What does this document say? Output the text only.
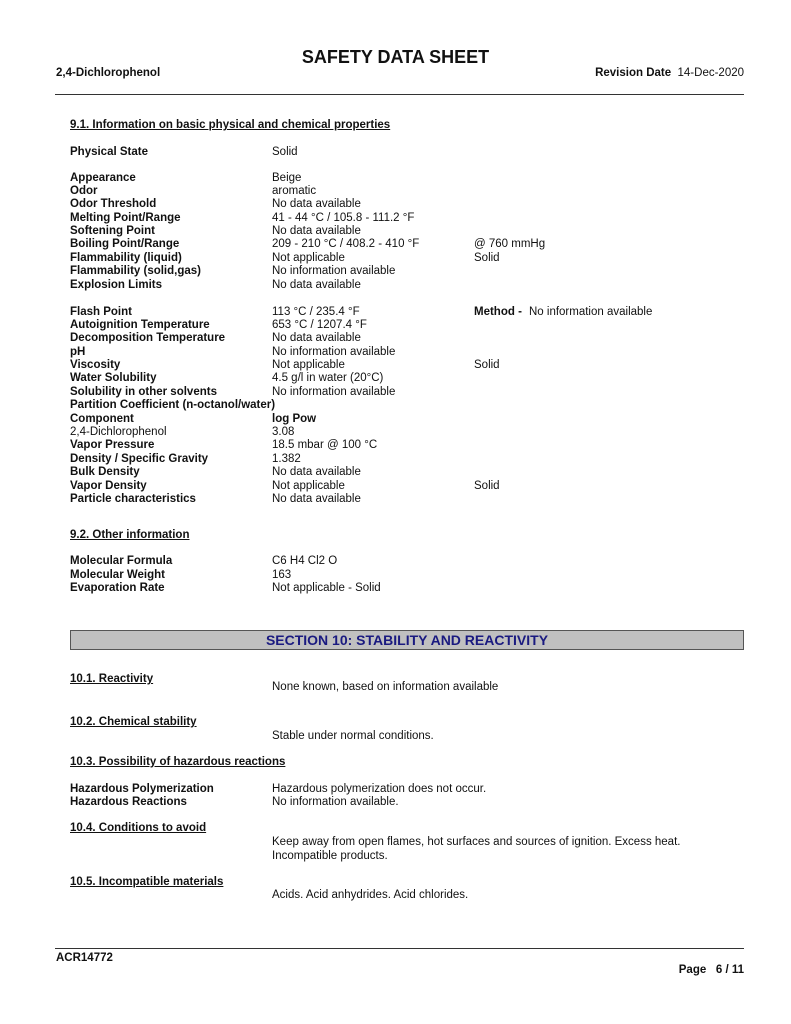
SAFETY DATA SHEET
2,4-Dichlorophenol	Revision Date 14-Dec-2020
9.1. Information on basic physical and chemical properties
Physical State	Solid
Appearance	Beige
Odor	aromatic
Odor Threshold	No data available
Melting Point/Range	41 - 44 °C / 105.8 - 111.2 °F
Softening Point	No data available
Boiling Point/Range	209 - 210 °C / 408.2 - 410 °F	@ 760 mmHg
Flammability (liquid)	Not applicable	Solid
Flammability (solid,gas)	No information available
Explosion Limits	No data available
Flash Point	113 °C / 235.4 °F	Method - No information available
Autoignition Temperature	653 °C / 1207.4 °F
Decomposition Temperature	No data available
pH	No information available
Viscosity	Not applicable	Solid
Water Solubility	4.5 g/l in water (20°C)
Solubility in other solvents	No information available
Partition Coefficient (n-octanol/water)
Component	log Pow
2,4-Dichlorophenol	3.08
Vapor Pressure	18.5 mbar @ 100 °C
Density / Specific Gravity	1.382
Bulk Density	No data available
Vapor Density	Not applicable	Solid
Particle characteristics	No data available
9.2. Other information
Molecular Formula	C6 H4 Cl2 O
Molecular Weight	163
Evaporation Rate	Not applicable - Solid
SECTION 10: STABILITY AND REACTIVITY
10.1. Reactivity
None known, based on information available
10.2. Chemical stability
Stable under normal conditions.
10.3. Possibility of hazardous reactions
Hazardous Polymerization	Hazardous polymerization does not occur.
Hazardous Reactions	No information available.
10.4. Conditions to avoid
Keep away from open flames, hot surfaces and sources of ignition. Excess heat.
Incompatible products.
10.5. Incompatible materials
Acids. Acid anhydrides. Acid chlorides.
ACR14772
Page 6 / 11
